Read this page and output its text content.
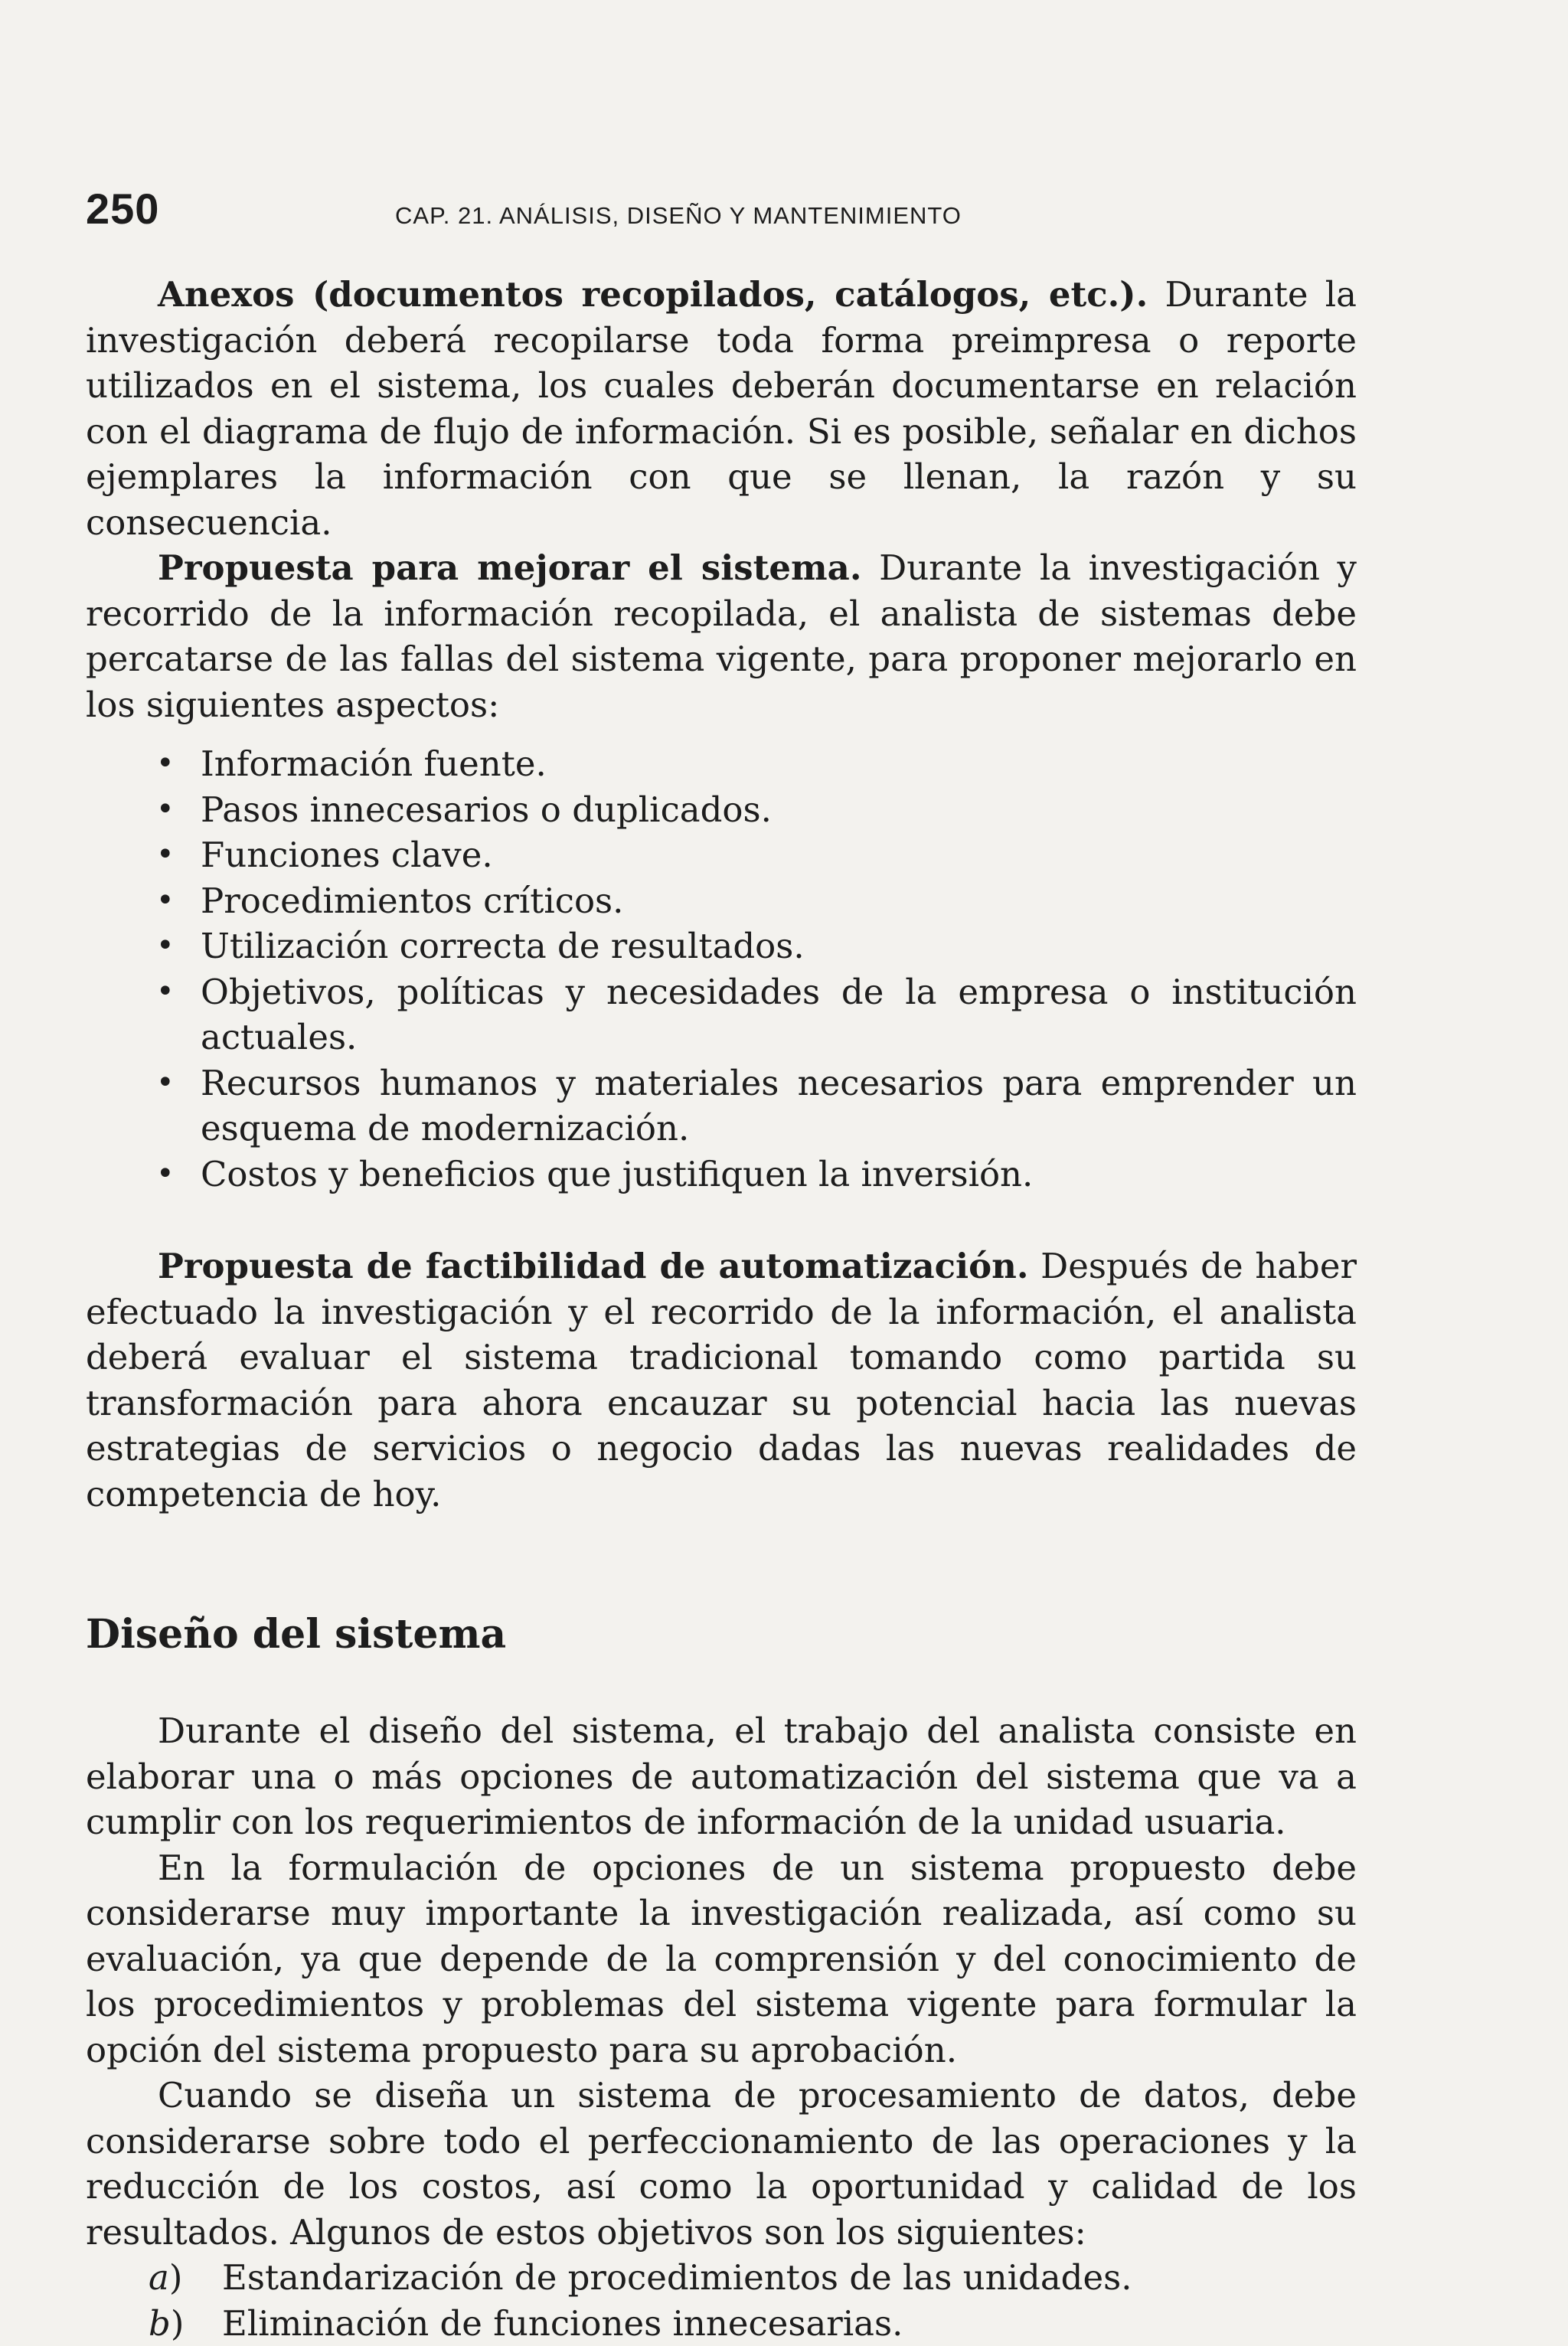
250	CAP. 21. ANÁLISIS, DISEÑO Y MANTENIMIENTO

Anexos (documentos recopilados, catálogos, etc.). Durante la investigación deberá recopilarse toda forma preimpresa o reporte utilizados en el sistema, los cuales deberán documentarse en relación con el diagrama de flujo de información. Si es posible, señalar en dichos ejemplares la información con que se llenan, la razón y su consecuencia.

Propuesta para mejorar el sistema. Durante la investigación y recorrido de la información recopilada, el analista de sistemas debe percatarse de las fallas del sistema vigente, para proponer mejorarlo en los siguientes aspectos:

• Información fuente.
• Pasos innecesarios o duplicados.
• Funciones clave.
• Procedimientos críticos.
• Utilización correcta de resultados.
• Objetivos, políticas y necesidades de la empresa o institución actuales.
• Recursos humanos y materiales necesarios para emprender un esquema de modernización.
• Costos y beneficios que justifiquen la inversión.

Propuesta de factibilidad de automatización. Después de haber efectuado la investigación y el recorrido de la información, el analista deberá evaluar el sistema tradicional tomando como partida su transformación para ahora encauzar su potencial hacia las nuevas estrategias de servicios o negocio dadas las nuevas realidades de competencia de hoy.

Diseño del sistema

Durante el diseño del sistema, el trabajo del analista consiste en elaborar una o más opciones de automatización del sistema que va a cumplir con los requerimientos de información de la unidad usuaria.

En la formulación de opciones de un sistema propuesto debe considerarse muy importante la investigación realizada, así como su evaluación, ya que depende de la comprensión y del conocimiento de los procedimientos y problemas del sistema vigente para formular la opción del sistema propuesto para su aprobación.

Cuando se diseña un sistema de procesamiento de datos, debe considerarse sobre todo el perfeccionamiento de las operaciones y la reducción de los costos, así como la oportunidad y calidad de los resultados. Algunos de estos objetivos son los siguientes:

a) Estandarización de procedimientos de las unidades.
b) Eliminación de funciones innecesarias.
